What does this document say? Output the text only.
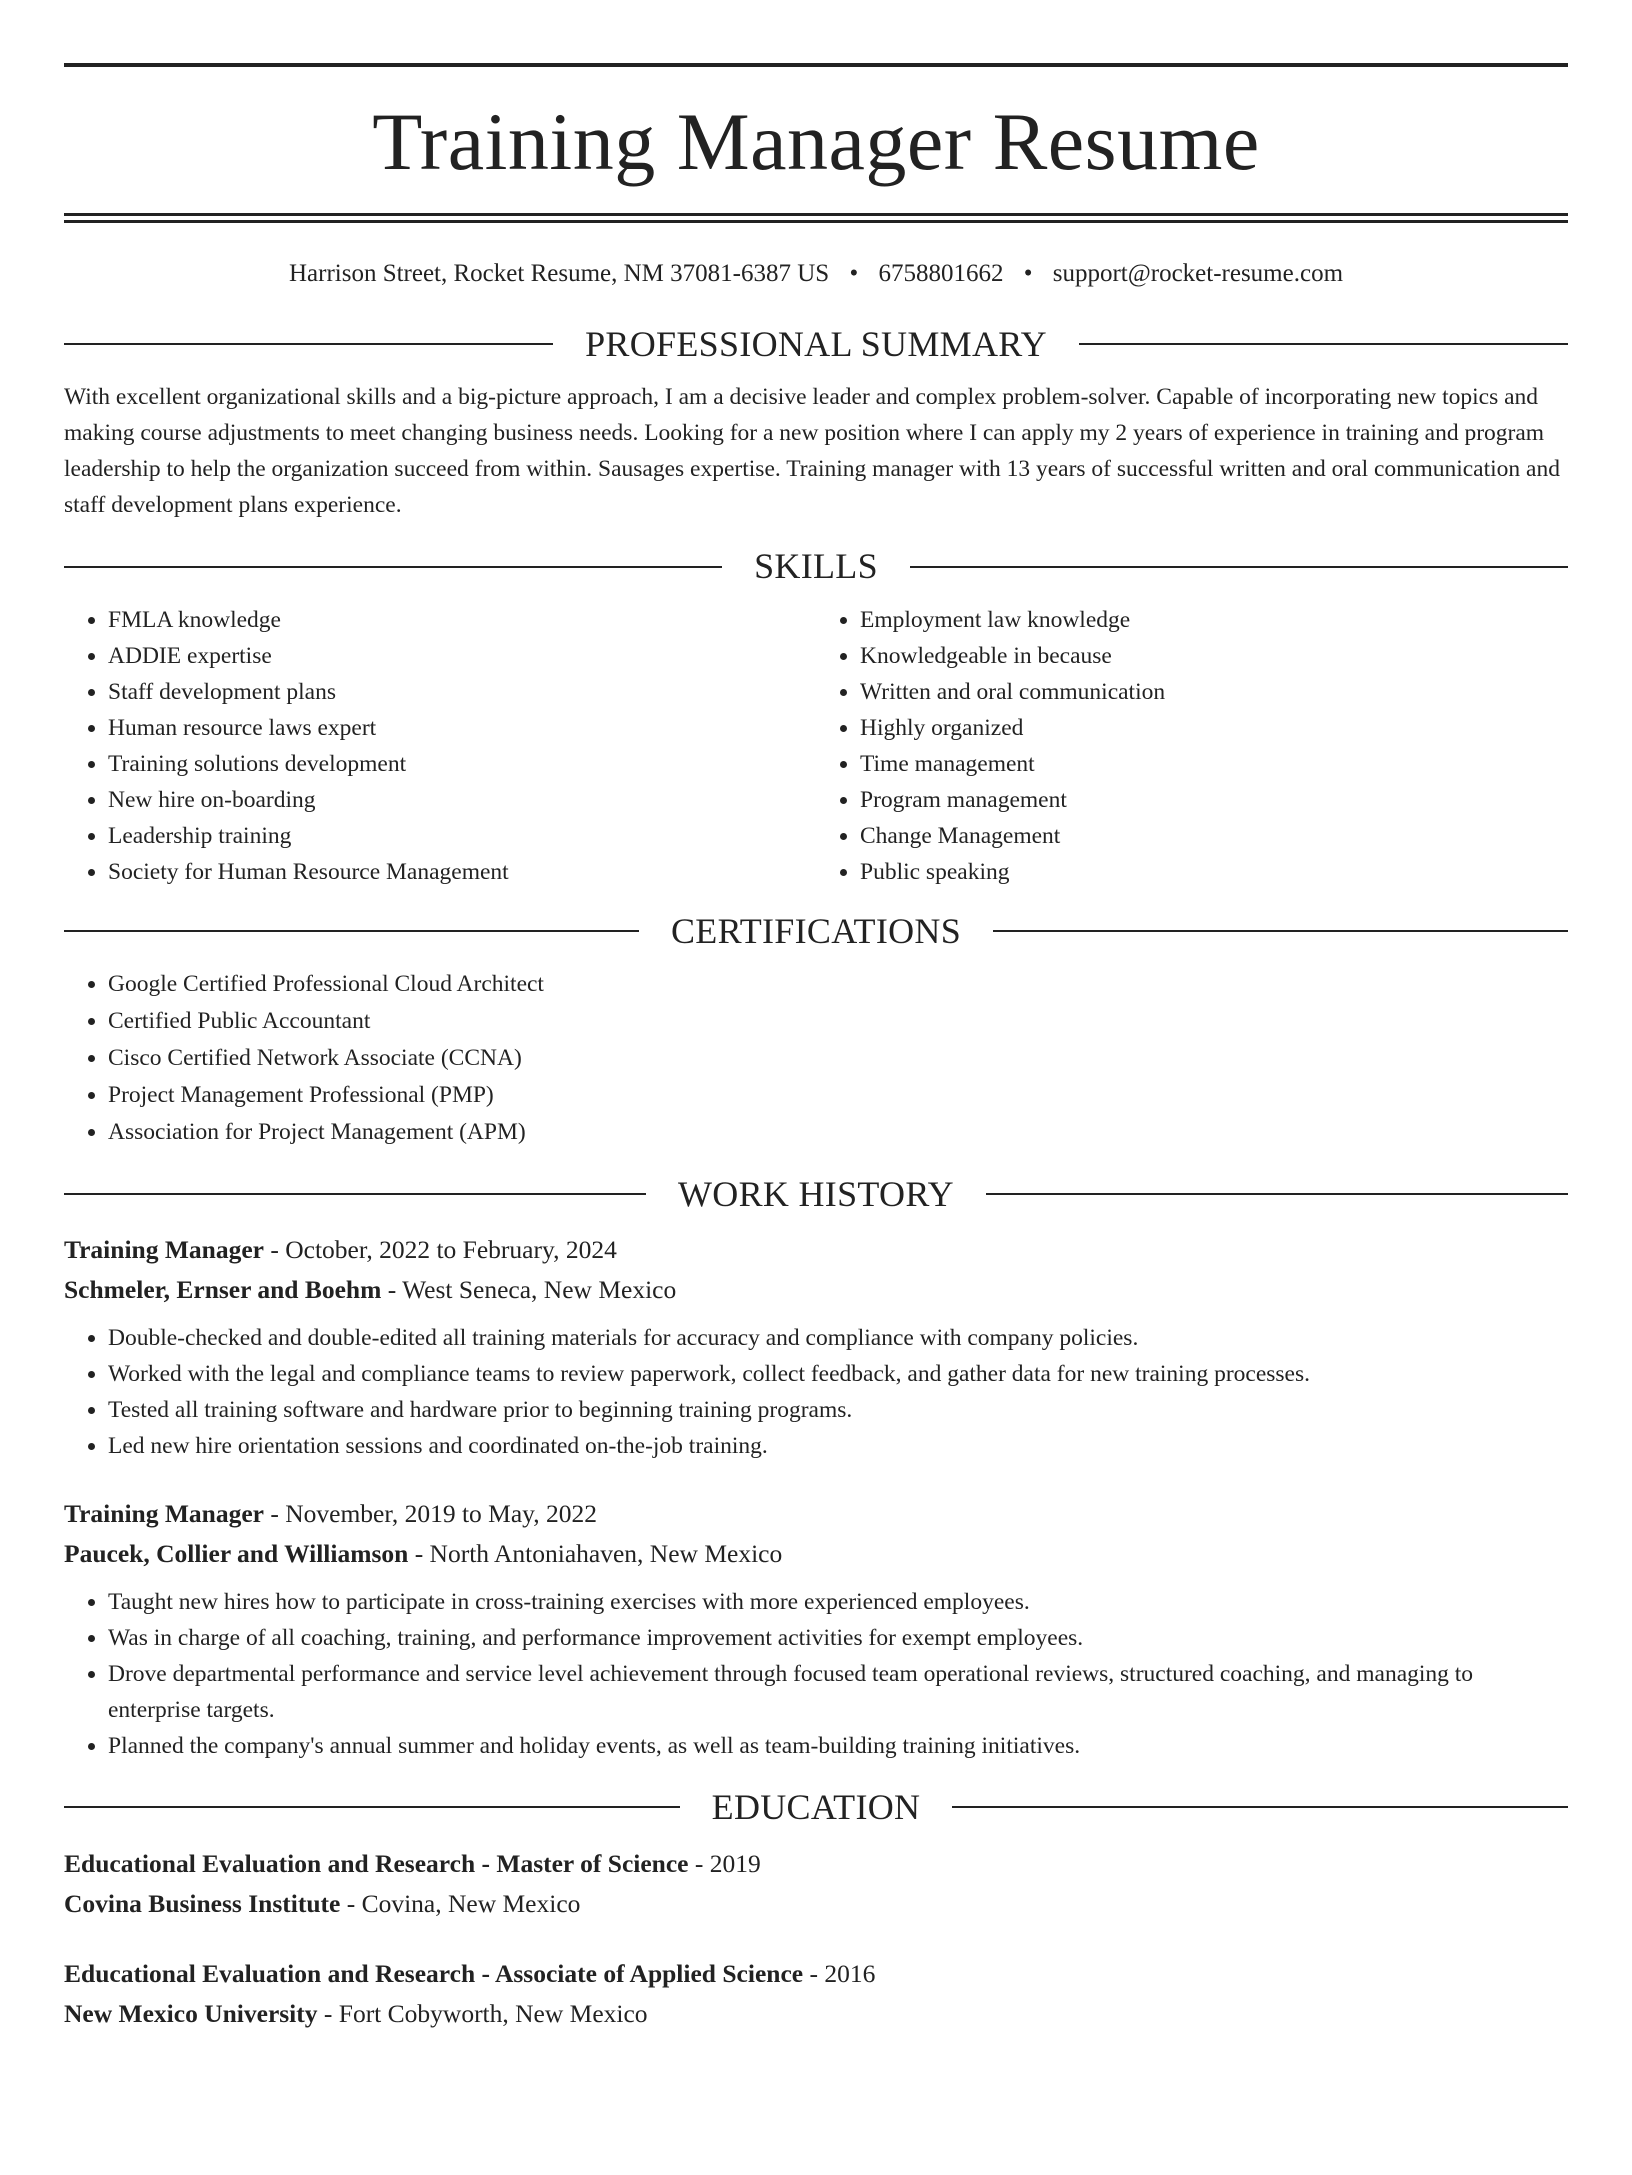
Training Manager Resume
Harrison Street, Rocket Resume, NM 37081-6387 US • 6758801662 • support@rocket-resume.com
PROFESSIONAL SUMMARY

With excellent organizational skills and a big-picture approach, I am a decisive leader and complex problem-solver. Capable of incorporating new topics and making course adjustments to meet changing business needs. Looking for a new position where I can apply my 2 years of experience in training and program leadership to help the organization succeed from within. Sausages expertise. Training manager with 13 years of successful written and oral communication and staff development plans experience.

SKILLS
• FMLA knowledge
• ADDIE expertise
• Staff development plans
• Human resource laws expert
• Training solutions development
• New hire on-boarding
• Leadership training
• Society for Human Resource Management
• Employment law knowledge
• Knowledgeable in because
• Written and oral communication
• Highly organized
• Time management
• Program management
• Change Management
• Public speaking
CERTIFICATIONS
• Google Certified Professional Cloud Architect
• Certified Public Accountant
• Cisco Certified Network Associate (CCNA)
• Project Management Professional (PMP)
• Association for Project Management (APM)
WORK HISTORY
Training Manager - October, 2022 to February, 2024
Schmeler, Ernser and Boehm - West Seneca, New Mexico
• Double-checked and double-edited all training materials for accuracy and compliance with company policies.
• Worked with the legal and compliance teams to review paperwork, collect feedback, and gather data for new training processes.
• Tested all training software and hardware prior to beginning training programs.
• Led new hire orientation sessions and coordinated on-the-job training.
Training Manager - November, 2019 to May, 2022
Paucek, Collier and Williamson - North Antoniahaven, New Mexico
• Taught new hires how to participate in cross-training exercises with more experienced employees.
• Was in charge of all coaching, training, and performance improvement activities for exempt employees.
• Drove departmental performance and service level achievement through focused team operational reviews, structured coaching, and managing to enterprise targets.
• Planned the company's annual summer and holiday events, as well as team-building training initiatives.
EDUCATION
Educational Evaluation and Research - Master of Science - 2019
Covina Business Institute - Covina, New Mexico
Educational Evaluation and Research - Associate of Applied Science - 2016
New Mexico University - Fort Cobyworth, New Mexico
